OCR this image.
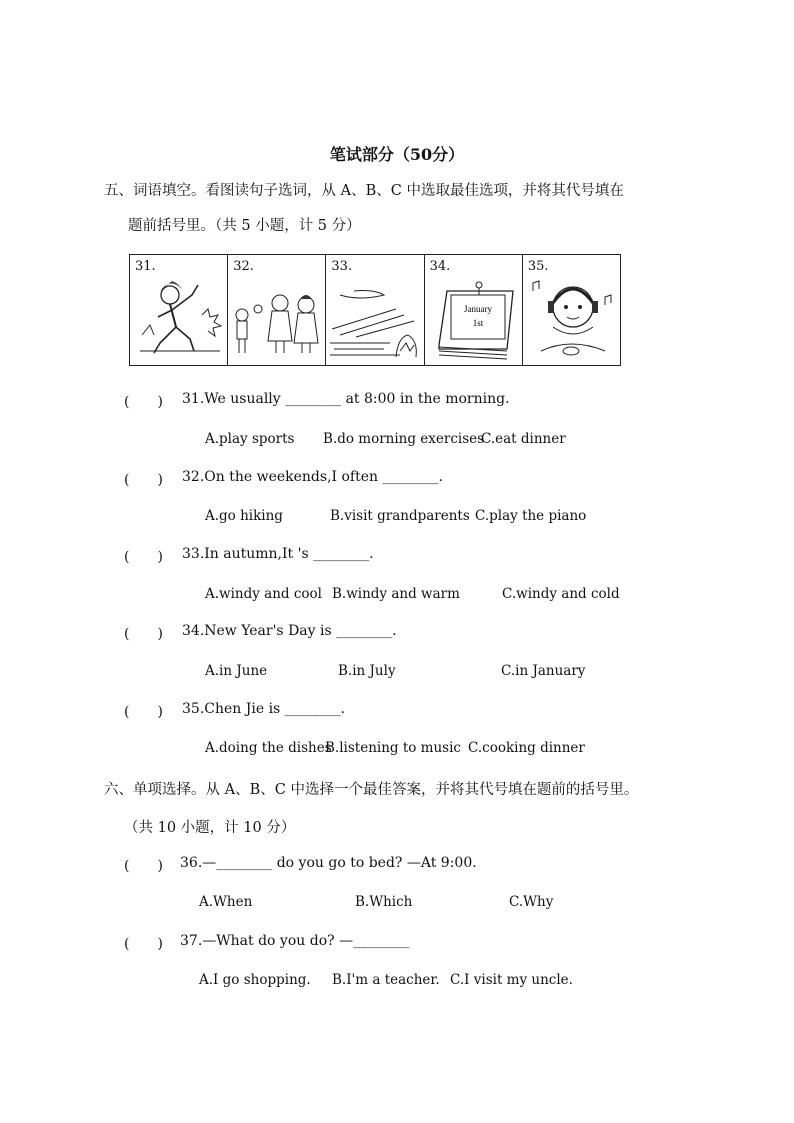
笔试部分（50分）
五、词语填空。看图读句子选词，从 A、B、C 中选取最佳选项，并将其代号填在
题前括号里。（共 5 小题，计 5 分）
31.	32.	33.	34.
January
1st
35.
(　　) 31.We usually ________ at 8:00 in the morning.
A.play sports B.do morning exercises
C.eat dinner
(　　) 32.On the weekends,I often ________.
A.go hiking	B.visit grandparents C.play the piano
(　　) 33.In autumn,It 's ________.
A.windy and cool B.windy and warm	C.windy and cold
(　　) 34.New Year's Day is ________.
A.in June	B.in July	C.in January
(　　) 35.Chen Jie is ________.
A.doing the dishes
B.listening to music C.cooking dinner
六、单项选择。从 A、B、C 中选择一个最佳答案，并将其代号填在题前的括号里。
（共 10 小题，计 10 分）
(　　) 36.—________ do you go to bed? —At 9:00.
A.When	B.Which	C.Why
(　　) 37.—What do you do? —________
A.I go shopping. B.I'm a teacher. C.I visit my uncle.
